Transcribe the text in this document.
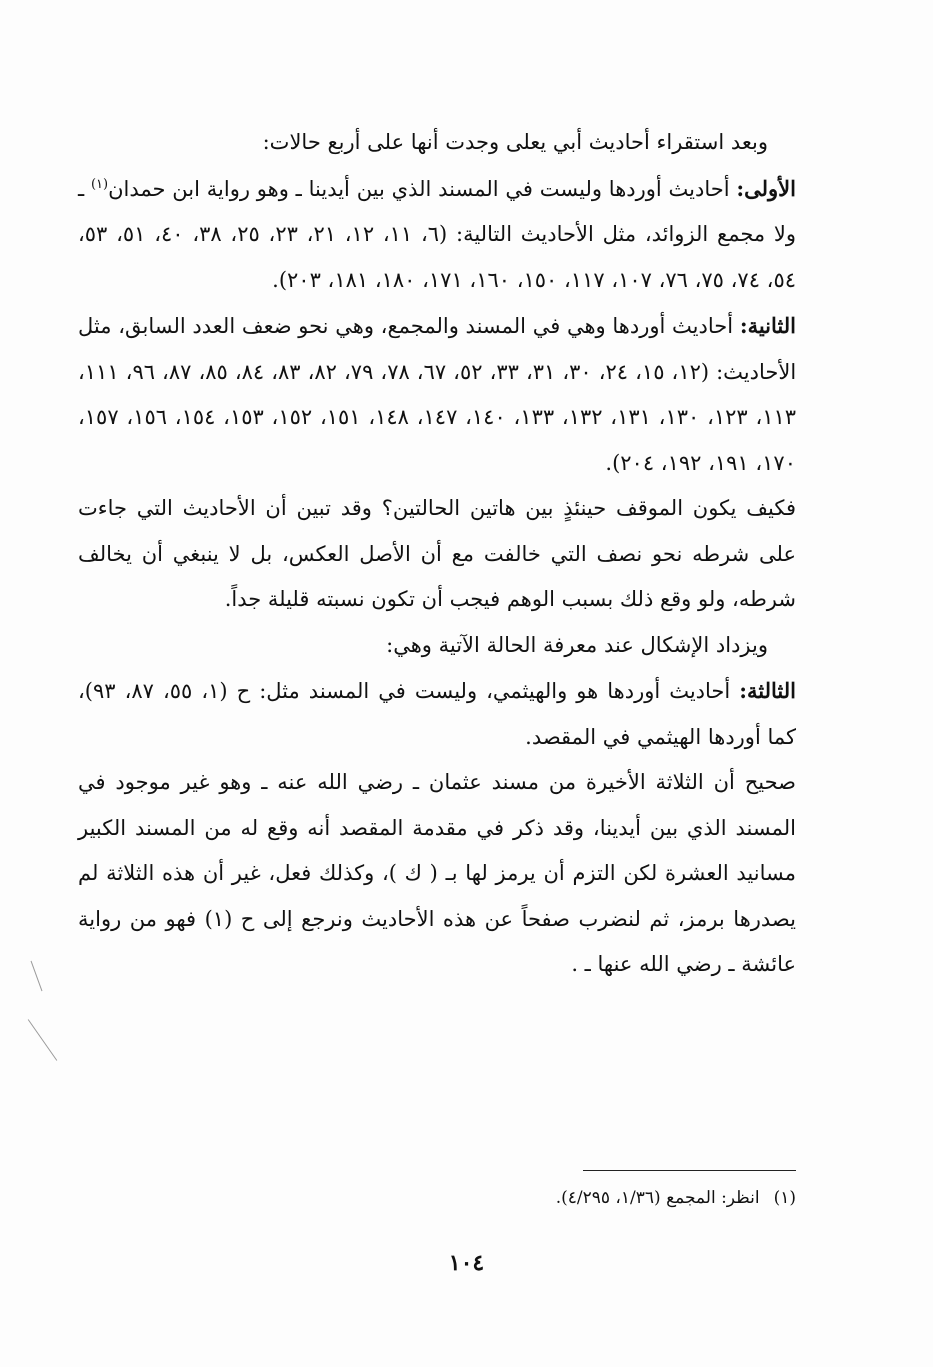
وبعد استقراء أحاديث أبي يعلى وجدت أنها على أربع حالات:

الأولى: أحاديث أوردها وليست في المسند الذي بين أيدينا ـ وهو رواية ابن حمدان$^{(١)}$ ـ ولا مجمع الزوائد، مثل الأحاديث التالية: (٦، ١١، ١٢، ٢١، ٢٣، ٢٥، ٣٨، ٤٠، ٥١، ٥٣، ٥٤، ٧٤، ٧٥، ٧٦، ١٠٧، ١١٧، ١٥٠، ١٦٠، ١٧١، ١٨٠، ١٨١، ٢٠٣).

الثانية: أحاديث أوردها وهي في المسند والمجمع، وهي نحو ضعف العدد السابق، مثل الأحاديث: (١٢، ١٥، ٢٤، ٣٠، ٣١، ٣٣، ٥٢، ٦٧، ٧٨، ٧٩، ٨٢، ٨٣، ٨٤، ٨٥، ٨٧، ٩٦، ١١١، ١١٣، ١٢٣، ١٣٠، ١٣١، ١٣٢، ١٣٣، ١٤٠، ١٤٧، ١٤٨، ١٥١، ١٥٢، ١٥٣، ١٥٤، ١٥٦، ١٥٧، ١٧٠، ١٩١، ١٩٢، ٢٠٤).

فكيف يكون الموقف حينئذٍ بين هاتين الحالتين؟ وقد تبين أن الأحاديث التي جاءت على شرطه نحو نصف التي خالفت مع أن الأصل العكس، بل لا ينبغي أن يخالف شرطه، ولو وقع ذلك بسبب الوهم فيجب أن تكون نسبته قليلة جداً.

ويزداد الإشكال عند معرفة الحالة الآتية وهي:

الثالثة: أحاديث أوردها هو والهيثمي، وليست في المسند مثل: ح (١، ٥٥، ٨٧، ٩٣)، كما أوردها الهيثمي في المقصد.

صحيح أن الثلاثة الأخيرة من مسند عثمان ـ رضي الله عنه ـ وهو غير موجود في المسند الذي بين أيدينا، وقد ذكر في مقدمة المقصد أنه وقع له من المسند الكبير مسانيد العشرة لكن التزم أن يرمز لها بـ ( ك )، وكذلك فعل، غير أن هذه الثلاثة لم يصدرها برمز، ثم لنضرب صفحاً عن هذه الأحاديث ونرجع إلى ح (١) فهو من رواية عائشة ـ رضي الله عنها ـ .

(١)انظر: المجمع (١/٣٦، ٤/٢٩٥).
١٠٤
